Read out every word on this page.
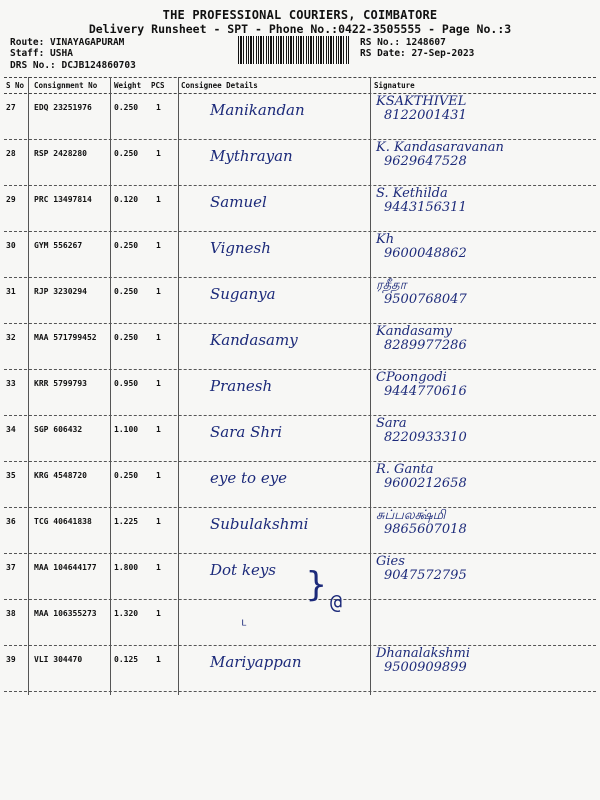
THE PROFESSIONAL COURIERS, COIMBATORE
Delivery Runsheet - SPT - Phone No.:0422-3505555 - Page No.:3
Route: VINAYAGAPURAM
Staff: USHA
DRS No.: DCJB124860703
RS No.: 1248607
RS Date: 27-Sep-2023
S No Consignment No Weight PCS Consignee Details	Signature
27 EDQ 23251976	0.250 1	Manikandan	KSAKTHIVEL
8122001431
28 RSP 2428280	0.250 1	Mythrayan	K. Kandasaravanan
9629647528
29 PRC 13497814	0.120 1	Samuel	S. Kethilda
9443156311
30 GYM 556267	0.250 1	Vignesh	Kh
9600048862
31 RJP 3230294	0.250 1	Suganya	ரதீதா
9500768047
32 MAA 571799452 0.250 1	Kandasamy	Kandasamy
8289977286
33 KRR 5799793	0.950 1	Pranesh	CPoongodi
9444770616
34 SGP 606432	1.100 1	Sara Shri	Sara
8220933310
35 KRG 4548720	0.250 1	eye to eye	R. Ganta
9600212658
36 TCG 40641838	1.225 1	Subulakshmi	சுப்பலக்ஷ்மி
9865607018
37 MAA 104644177 1.800 1	Dot keys	Gies
9047572795
38 MAA 106355273 1.320 1
39 VLI 304470	0.125 1	Mariyappan	Dhanalakshmi
9500909899
} @
ᴸ
